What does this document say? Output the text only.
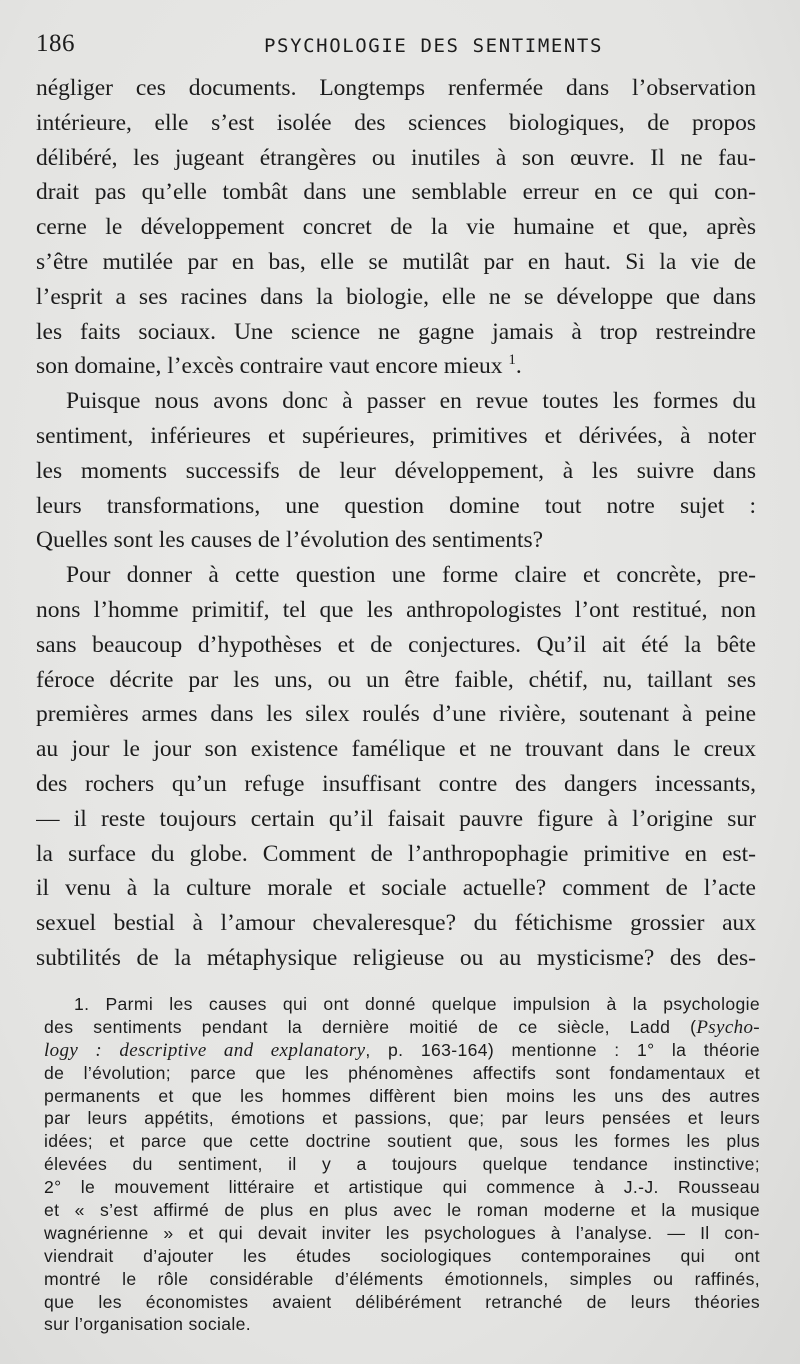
186	PSYCHOLOGIE DES SENTIMENTS
négliger ces documents. Longtemps renfermée dans l’observation
intérieure, elle s’est isolée des sciences biologiques, de propos
délibéré, les jugeant étrangères ou inutiles à son œuvre. Il ne fau-
drait pas qu’elle tombât dans une semblable erreur en ce qui con-
cerne le développement concret de la vie humaine et que, après
s’être mutilée par en bas, elle se mutilât par en haut. Si la vie de
l’esprit a ses racines dans la biologie, elle ne se développe que dans
les faits sociaux. Une science ne gagne jamais à trop restreindre
son domaine, l’excès contraire vaut encore mieux $^1$.
Puisque nous avons donc à passer en revue toutes les formes du
sentiment, inférieures et supérieures, primitives et dérivées, à noter
les moments successifs de leur développement, à les suivre dans
leurs transformations, une question domine tout notre sujet :
Quelles sont les causes de l’évolution des sentiments?
Pour donner à cette question une forme claire et concrète, pre-
nons l’homme primitif, tel que les anthropologistes l’ont restitué, non
sans beaucoup d’hypothèses et de conjectures. Qu’il ait été la bête
féroce décrite par les uns, ou un être faible, chétif, nu, taillant ses
premières armes dans les silex roulés d’une rivière, soutenant à peine
au jour le jour son existence famélique et ne trouvant dans le creux
des rochers qu’un refuge insuffisant contre des dangers incessants,
— il reste toujours certain qu’il faisait pauvre figure à l’origine sur
la surface du globe. Comment de l’anthropophagie primitive en est-
il venu à la culture morale et sociale actuelle? comment de l’acte
sexuel bestial à l’amour chevaleresque? du fétichisme grossier aux
subtilités de la métaphysique religieuse ou au mysticisme? des des-
1. Parmi les causes qui ont donné quelque impulsion à la psychologie
des sentiments pendant la dernière moitié de ce siècle, Ladd (Psycho-
logy : descriptive and explanatory, p. 163-164) mentionne : 1° la théorie
de l’évolution; parce que les phénomènes affectifs sont fondamentaux et
permanents et que les hommes diffèrent bien moins les uns des autres
par leurs appétits, émotions et passions, que; par leurs pensées et leurs
idées; et parce que cette doctrine soutient que, sous les formes les plus
élevées du sentiment, il y a toujours quelque tendance instinctive;
2° le mouvement littéraire et artistique qui commence à J.-J. Rousseau
et « s’est affirmé de plus en plus avec le roman moderne et la musique
wagnérienne » et qui devait inviter les psychologues à l’analyse. — Il con-
viendrait d’ajouter les études sociologiques contemporaines qui ont
montré le rôle considérable d’éléments émotionnels, simples ou raffinés,
que les économistes avaient délibérément retranché de leurs théories
sur l’organisation sociale.
